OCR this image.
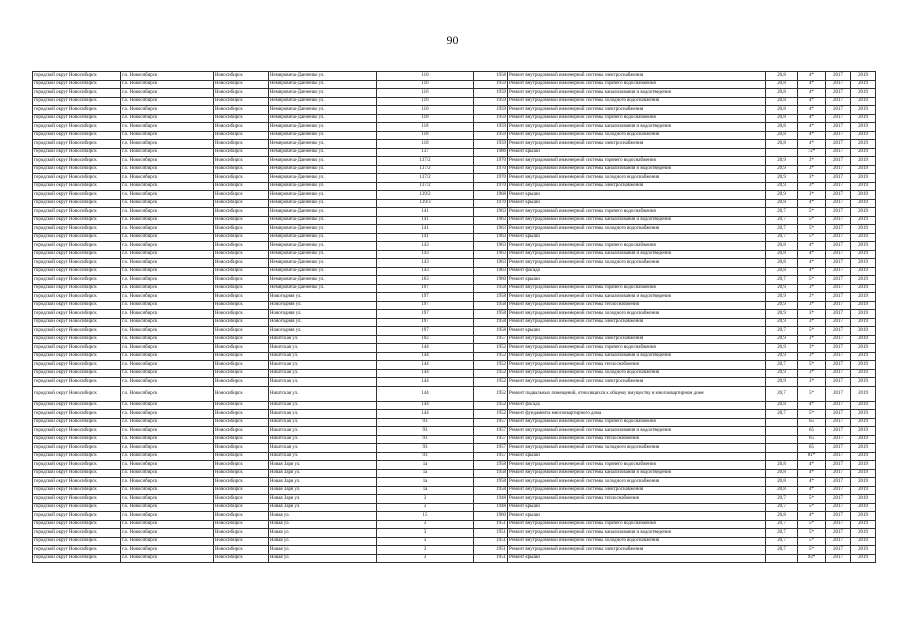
90
городской округ Новосибирск	г.о. Новосибирск	Новосибирск	Немировича-Данченко ул.	116	1958	Ремонт внутридомовой инженерной системы электроснабжения	20,8	4*	2017	2019
городской округ Новосибирск	г.о. Новосибирск	Новосибирск	Немировича-Данченко ул.	116	1959	Ремонт внутридомовой инженерной системы горячего водоснабжения	20,8	4*	2017	2019
городской округ Новосибирск	г.о. Новосибирск	Новосибирск	Немировича-Данченко ул.	116	1959	Ремонт внутридомовой инженерной системы канализования и водоотведения	20,8	4*	2017	2019
городской округ Новосибирск	г.о. Новосибирск	Новосибирск	Немировича-Данченко ул.	116	1959	Ремонт внутридомовой инженерной системы холодного водоснабжения	20,8	4*	2017	2019
городской округ Новосибирск	г.о. Новосибирск	Новосибирск	Немировича-Данченко ул.	116	1959	Ремонт внутридомовой инженерной системы электроснабжения	20,8	4*	2017	2019
городской округ Новосибирск	г.о. Новосибирск	Новосибирск	Немировича-Данченко ул.	118	1959	Ремонт внутридомовой инженерной системы горячего водоснабжения	20,8	4*	2017	2019
городской округ Новосибирск	г.о. Новосибирск	Новосибирск	Немировича-Данченко ул.	118	1959	Ремонт внутридомовой инженерной системы канализования и водоотведения	20,8	4*	2017	2019
городской округ Новосибирск	г.о. Новосибирск	Новосибирск	Немировича-Данченко ул.	118	1959	Ремонт внутридомовой инженерной системы холодного водоснабжения	20,8	4*	2017	2019
городской округ Новосибирск	г.о. Новосибирск	Новосибирск	Немировича-Данченко ул.	118	1959	Ремонт внутридомовой инженерной системы электроснабжения	20,8	4*	2017	2019
городской округ Новосибирск	г.о. Новосибирск	Новосибирск	Немировича-Данченко ул.	137	1986	Ремонт крыши		72*	2017	2019
городской округ Новосибирск	г.о. Новосибирск	Новосибирск	Немировича-Данченко ул.	137/2	1970	Ремонт внутридомовой инженерной системы горячего водоснабжения	20,9	3*	2017	2019
городской округ Новосибирск	г.о. Новосибирск	Новосибирск	Немировича-Данченко ул.	137/2	1970	Ремонт внутридомовой инженерной системы канализования и водоотведения	20,9	3*	2017	2019
городской округ Новосибирск	г.о. Новосибирск	Новосибирск	Немировича-Данченко ул.	137/2	1970	Ремонт внутридомовой инженерной системы холодного водоснабжения	20,9	3*	2017	2019
городской округ Новосибирск	г.о. Новосибирск	Новосибирск	Немировича-Данченко ул.	137/2	1970	Ремонт внутридомовой инженерной системы электроснабжения	20,9	3*	2017	2019
городской округ Новосибирск	г.о. Новосибирск	Новосибирск	Немировича-Данченко ул.	139/2	1968	Ремонт крыши	20,9	3*	2017	2019
городской округ Новосибирск	г.о. Новосибирск	Новосибирск	Немировича-Данченко ул.	139/3	1970	Ремонт крыши	20,8	4*	2017	2019
городской округ Новосибирск	г.о. Новосибирск	Новосибирск	Немировича-Данченко ул.	141	1963	Ремонт внутридомовой инженерной системы горячего водоснабжения	20,7	5*	2017	2019
городской округ Новосибирск	г.о. Новосибирск	Новосибирск	Немировича-Данченко ул.	141	1963	Ремонт внутридомовой инженерной системы канализования и водоотведения	20,7	5*	2017	2019
городской округ Новосибирск	г.о. Новосибирск	Новосибирск	Немировича-Данченко ул.	141	1963	Ремонт внутридомовой инженерной системы холодного водоснабжения	20,7	5*	2017	2019
городской округ Новосибирск	г.о. Новосибирск	Новосибирск	Немировича-Данченко ул.	141	1963	Ремонт крыши	20,7	5*	2017	2019
городской округ Новосибирск	г.о. Новосибирск	Новосибирск	Немировича-Данченко ул.	143	1963	Ремонт внутридомовой инженерной системы горячего водоснабжения	20,8	4*	2017	2019
городской округ Новосибирск	г.о. Новосибирск	Новосибирск	Немировича-Данченко ул.	143	1963	Ремонт внутридомовой инженерной системы канализования и водоотведения	20,8	4*	2017	2019
городской округ Новосибирск	г.о. Новосибирск	Новосибирск	Немировича-Данченко ул.	143	1963	Ремонт внутридомовой инженерной системы холодного водоснабжения	20,8	4*	2017	2019
городской округ Новосибирск	г.о. Новосибирск	Новосибирск	Немировича-Данченко ул.	143	1963	Ремонт фасада	20,8	4*	2017	2019
городской округ Новосибирск	г.о. Новосибирск	Новосибирск	Немировича-Данченко ул.	163	1960	Ремонт крыши	20,7	5*	2017	2019
городской округ Новосибирск	г.о. Новосибирск	Новосибирск	Немировича-Данченко ул.	197	1958	Ремонт внутридомовой инженерной системы горячего водоснабжения	20,9	3*	2017	2019
городской округ Новосибирск	г.о. Новосибирск	Новосибирск	Новогодняя ул.	197	1958	Ремонт внутридомовой инженерной системы канализования и водоотведения	20,9	3*	2017	2019
городской округ Новосибирск	г.о. Новосибирск	Новосибирск	Новогодняя ул.	197	1958	Ремонт внутридомовой инженерной системы теплоснабжения	20,9	3*	2017	2019
городской округ Новосибирск	г.о. Новосибирск	Новосибирск	Новогодняя ул.	197	1958	Ремонт внутридомовой инженерной системы холодного водоснабжения	20,9	3*	2017	2019
городской округ Новосибирск	г.о. Новосибирск	Новосибирск	Новогодняя ул.	197	1958	Ремонт внутридомовой инженерной системы электроснабжения	20,9	3*	2017	2019
городской округ Новосибирск	г.о. Новосибирск	Новосибирск	Новогодняя ул.	197	1958	Ремонт крыши	20,7	5*	2017	2019
городской округ Новосибирск	г.о. Новосибирск	Новосибирск	Ништская ул.	102	1957	Ремонт внутридомовой инженерной системы электроснабжения	20,9	3*	2017	2019
городской округ Новосибирск	г.о. Новосибирск	Новосибирск	Ништская ул.	144	1952	Ремонт внутридомовой инженерной системы горячего водоснабжения	20,9	3*	2017	2019
городской округ Новосибирск	г.о. Новосибирск	Новосибирск	Ништская ул.	144	1952	Ремонт внутридомовой инженерной системы канализования и водоотведения	20,9	3*	2017	2019
городской округ Новосибирск	г.о. Новосибирск	Новосибирск	Ништская ул.	144	1952	Ремонт внутридомовой инженерной системы теплоснабжения	20,7	5*	2017	2019
городской округ Новосибирск	г.о. Новосибирск	Новосибирск	Ништская ул.	144	1952	Ремонт внутридомовой инженерной системы холодного водоснабжения	20,9	3*	2017	2019
городской округ Новосибирск	г.о. Новосибирск	Новосибирск	Ништская ул.	144	1952	Ремонт внутридомовой инженерной системы электроснабжения	20,9	3*	2017	2019
городской округ Новосибирск	г.о. Новосибирск	Новосибирск	Ништская ул.	144	1952	Ремонт подвальных помещений, относящихся к общему имуществу в многоквартирном доме	20,7	5*	2017	2019
городской округ Новосибирск	г.о. Новосибирск	Новосибирск	Ништская ул.	144	1952	Ремонт фасада	20,8	4*	2017	2019
городской округ Новосибирск	г.о. Новосибирск	Новосибирск	Ништская ул.	144	1952	Ремонт фундамента многоквартирного дома	20,7	5*	2017	2019
городской округ Новосибирск	г.о. Новосибирск	Новосибирск	Ништская ул.	93	1957	Ремонт внутридомовой инженерной системы горячего водоснабжения		65	2017	2019
городской округ Новосибирск	г.о. Новосибирск	Новосибирск	Ништская ул.	93	1957	Ремонт внутридомовой инженерной системы канализования и водоотведения		65	2017	2019
городской округ Новосибирск	г.о. Новосибирск	Новосибирск	Ништская ул.	93	1957	Ремонт внутридомовой инженерной системы теплоснабжения		65	2017	2019
городской округ Новосибирск	г.о. Новосибирск	Новосибирск	Ништская ул.	93	1957	Ремонт внутридомовой инженерной системы холодного водоснабжения		65	2017	2019
городской округ Новосибирск	г.о. Новосибирск	Новосибирск	Ништская ул.	93	1957	Ремонт крыши		81*	2017	2019
городской округ Новосибирск	г.о. Новосибирск	Новосибирск	Новая Заря ул.	1а	1958	Ремонт внутридомовой инженерной системы горячего водоснабжения	20,8	4*	2017	2019
городской округ Новосибирск	г.о. Новосибирск	Новосибирск	Новая Заря ул.	1а	1958	Ремонт внутридомовой инженерной системы канализования и водоотведения	20,8	4*	2017	2019
городской округ Новосибирск	г.о. Новосибирск	Новосибирск	Новая Заря ул.	1а	1958	Ремонт внутридомовой инженерной системы холодного водоснабжения	20,8	4*	2017	2019
городской округ Новосибирск	г.о. Новосибирск	Новосибирск	Новая Заря ул.	1а	1958	Ремонт внутридомовой инженерной системы электроснабжения	20,8	4*	2017	2019
городской округ Новосибирск	г.о. Новосибирск	Новосибирск	Новая Заря ул.	3	1948	Ремонт внутридомовой инженерной системы теплоснабжения	20,7	5*	2017	2019
городской округ Новосибирск	г.о. Новосибирск	Новосибирск	Новая Заря ул.	3	1948	Ремонт крыши	20,7	5*	2017	2019
городской округ Новосибирск	г.о. Новосибирск	Новосибирск	Новая ул.	15	1960	Ремонт крыши	20,8	4*	2017	2019
городской округ Новосибирск	г.о. Новосибирск	Новосибирск	Новая ул.	3	1951	Ремонт внутридомовой инженерной системы горячего водоснабжения	20,7	5*	2017	2019
городской округ Новосибирск	г.о. Новосибирск	Новосибирск	Новая ул.	3	1951	Ремонт внутридомовой инженерной системы канализования и водоотведения	20,7	5*	2017	2019
городской округ Новосибирск	г.о. Новосибирск	Новосибирск	Новая ул.	3	1951	Ремонт внутридомовой инженерной системы холодного водоснабжения	20,7	5*	2017	2019
городской округ Новосибирск	г.о. Новосибирск	Новосибирск	Новая ул.	3	1951	Ремонт внутридомовой инженерной системы электроснабжения	20,7	5*	2017	2019
городской округ Новосибирск	г.о. Новосибирск	Новосибирск	Новая ул.	3	1951	Ремонт крыши		93*	2017	2019
